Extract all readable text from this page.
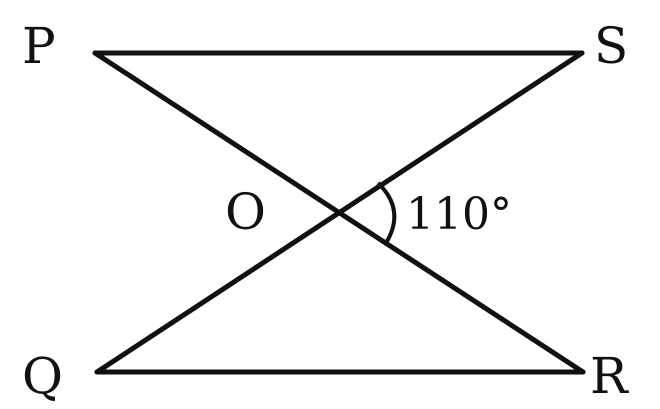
P	S
Q	R
O	110°
